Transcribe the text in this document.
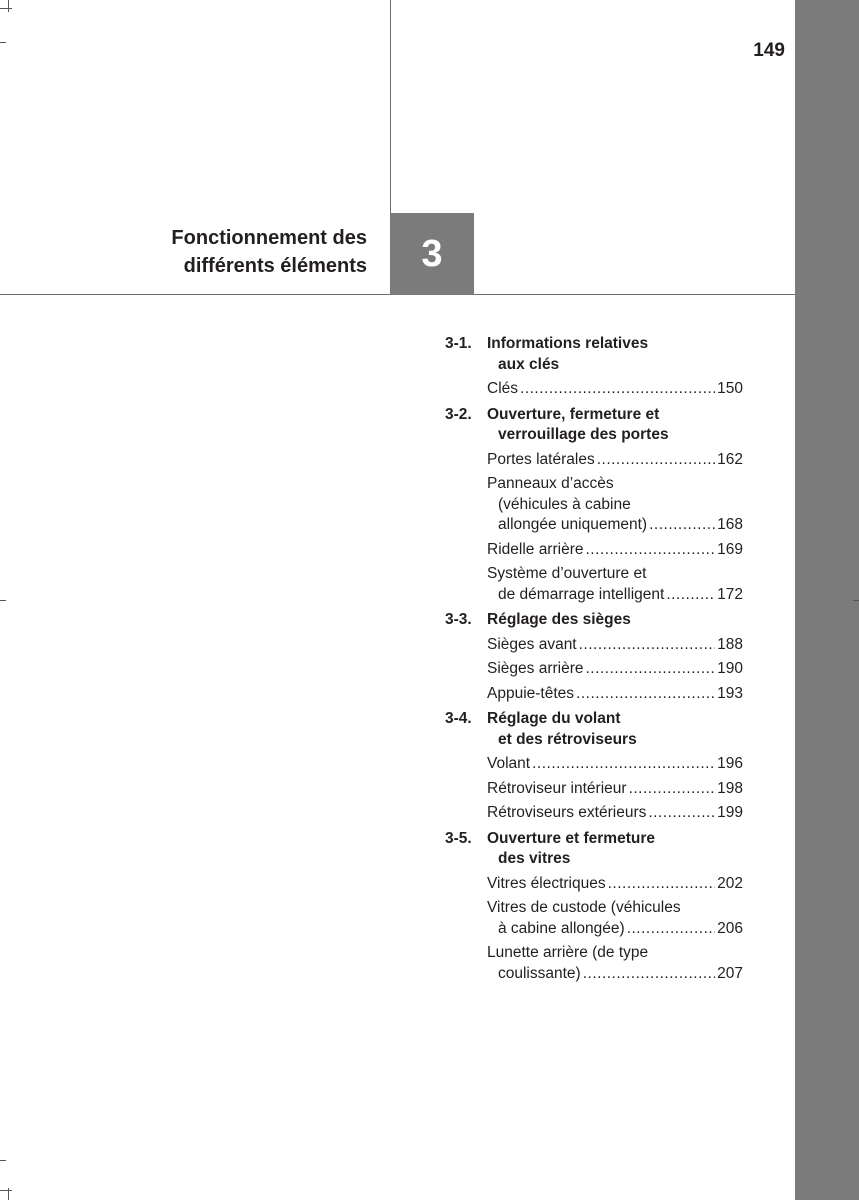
149
Fonctionnement des
différents éléments	3
3-1. Informations relatives
aux clés
Clés .....	150
3-2. Ouverture, fermeture et
verrouillage des portes
Portes latérales .....	162
Panneaux d’accès
(véhicules à cabine
allongée uniquement) .....	168
Ridelle arrière .....	169
Système d’ouverture et
de démarrage intelligent .....	172
3-3. Réglage des sièges
Sièges avant .....	188
Sièges arrière .....	190
Appuie-têtes .....	193
3-4. Réglage du volant
et des rétroviseurs
Volant .....	196
Rétroviseur intérieur .....	198
Rétroviseurs extérieurs .....	199
3-5. Ouverture et fermeture
des vitres
Vitres électriques .....	202
Vitres de custode (véhicules
à cabine allongée) .....	206
Lunette arrière (de type
coulissante) .....	207
